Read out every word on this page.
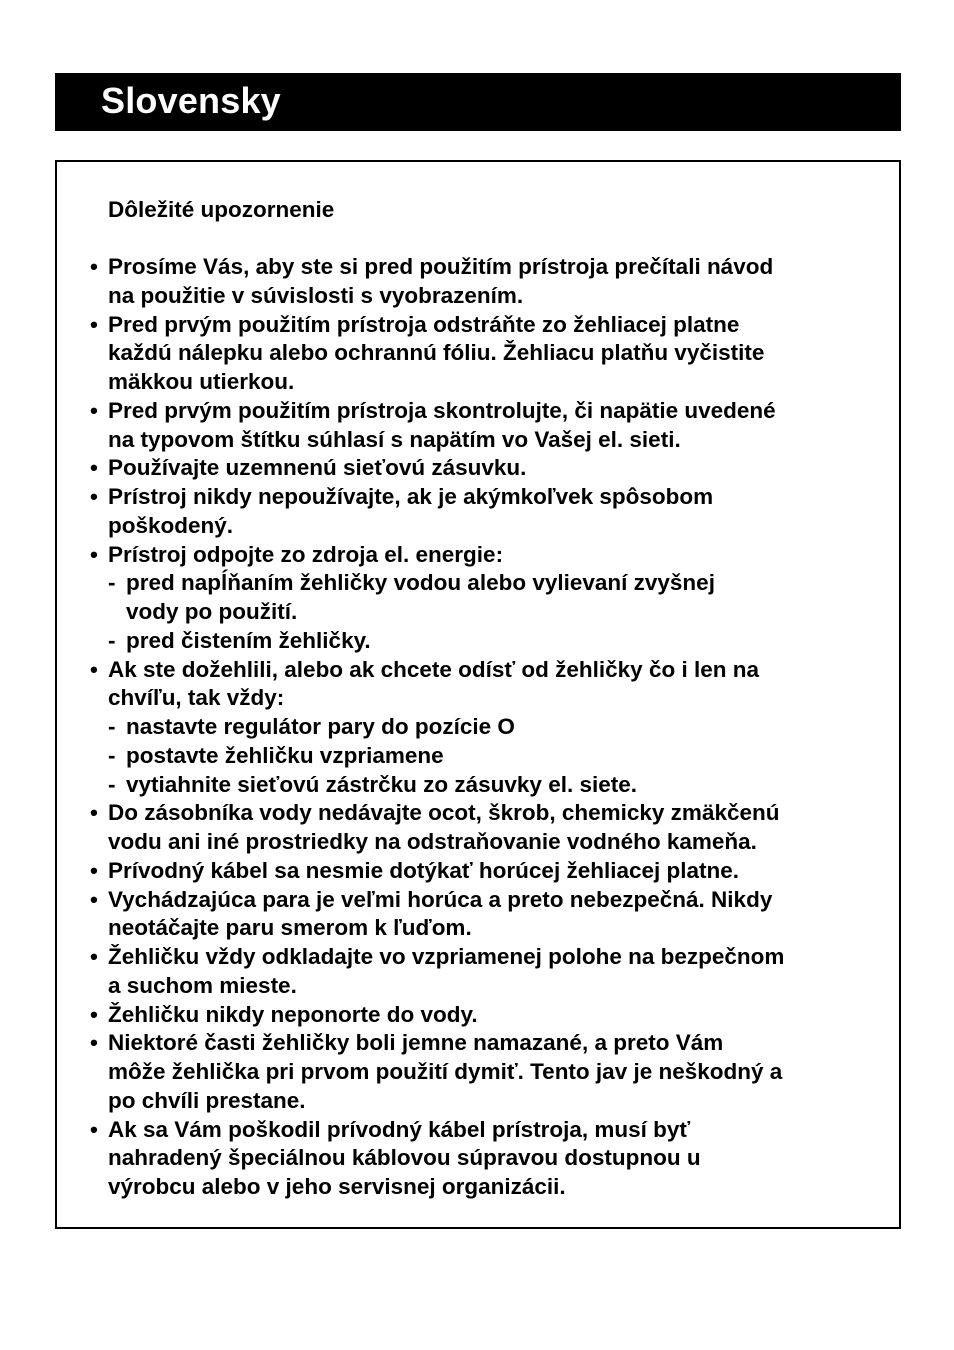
Slovensky
Dôležité upozornenie
• Prosíme Vás, aby ste si pred použitím prístroja prečítali návod
na použitie v súvislosti s vyobrazením.
• Pred prvým použitím prístroja odstráňte zo žehliacej platne
každú nálepku alebo ochrannú fóliu. Žehliacu platňu vyčistite
mäkkou utierkou.
• Pred prvým použitím prístroja skontrolujte, či napätie uvedené
na typovom štítku súhlasí s napätím vo Vašej el. sieti.
• Používajte uzemnenú sieťovú zásuvku.
• Prístroj nikdy nepoužívajte, ak je akýmkoľvek spôsobom
poškodený.
• Prístroj odpojte zo zdroja el. energie:
- pred napĺňaním žehličky vodou alebo vylievaní zvyšnej
vody po použití.
- pred čistením žehličky.
• Ak ste dožehlili, alebo ak chcete odísť od žehličky čo i len na
chvíľu, tak vždy:
- nastavte regulátor pary do pozície O
- postavte žehličku vzpriamene
- vytiahnite sieťovú zástrčku zo zásuvky el. siete.
• Do zásobníka vody nedávajte ocot, škrob, chemicky zmäkčenú
vodu ani iné prostriedky na odstraňovanie vodného kameňa.
• Prívodný kábel sa nesmie dotýkať horúcej žehliacej platne.
• Vychádzajúca para je veľmi horúca a preto nebezpečná. Nikdy
neotáčajte paru smerom k ľuďom.
• Žehličku vždy odkladajte vo vzpriamenej polohe na bezpečnom
a suchom mieste.
• Žehličku nikdy neponorte do vody.
• Niektoré časti žehličky boli jemne namazané, a preto Vám
môže žehlička pri prvom použití dymiť. Tento jav je neškodný a
po chvíli prestane.
• Ak sa Vám poškodil prívodný kábel prístroja, musí byť
nahradený špeciálnou káblovou súpravou dostupnou u
výrobcu alebo v jeho servisnej organizácii.
